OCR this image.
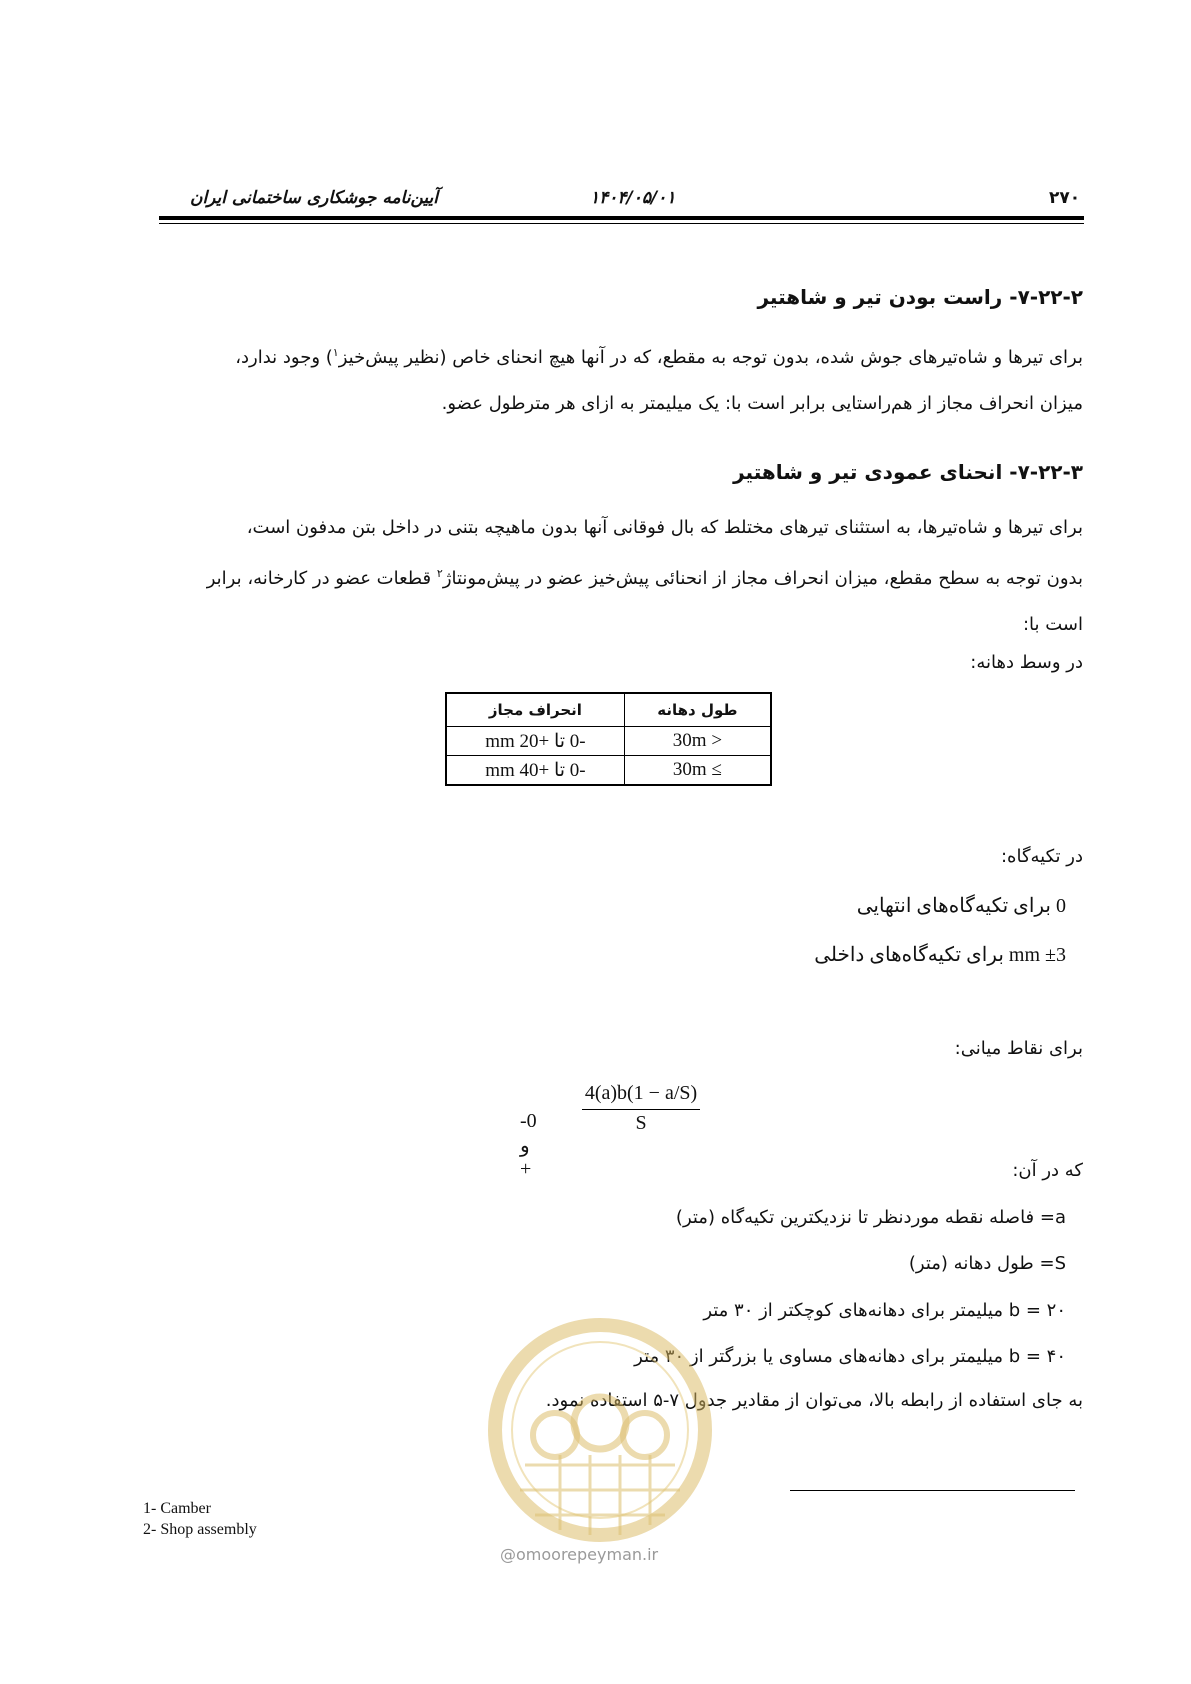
آیین‌نامه جوشکاری ساختمانی ایران	۱۴۰۴/۰۵/۰۱	۲۷۰
۷-۲۲-۲- راست بودن تیر و شاهتیر
برای تیرها و شاه‌تیرهای جوش شده، بدون توجه به مقطع، که در آنها هیچ انحنای خاص (نظیر پیش‌خیز$^۱$) وجود ندارد،
میزان انحراف مجاز از هم‌راستایی برابر است با: یک میلیمتر به ازای هر مترطول عضو.
۷-۲۲-۳- انحنای عمودی تیر و شاهتیر
برای تیرها و شاه‌تیرها، به استثنای تیرهای مختلط که بال فوقانی آنها بدون ماهیچه بتنی در داخل بتن مدفون است،
بدون توجه به سطح مقطع، میزان انحراف مجاز از انحنائی پیش‌خیز عضو در پیش‌مونتاژ$^۲$ قطعات عضو در کارخانه، برابر
است با:
در وسط دهانه:
طول دهانه	انحراف مجاز
< 30m	-0 تا +20 mm
≥ 30m	-0 تا +40 mm
در تکیه‌گاه:
0 برای تکیه‌گاه‌های انتهایی
±3 mm برای تکیه‌گاه‌های داخلی
برای نقاط میانی:
-0 و +
$\frac{4(a)b(1 - a/S)}{S}$
که در آن:
a= فاصله نقطه موردنظر تا نزدیکترین تکیه‌گاه (متر)
S= طول دهانه (متر)
b = ۲۰ میلیمتر برای دهانه‌های کوچکتر از ۳۰ متر
b = ۴۰ میلیمتر برای دهانه‌های مساوی یا بزرگتر از ۳۰ متر
به جای استفاده از رابطه بالا، می‌توان از مقادیر جدول ۷-۵ استفاده نمود.
@omoorepeyman.ir
1- Camber
2- Shop assembly
